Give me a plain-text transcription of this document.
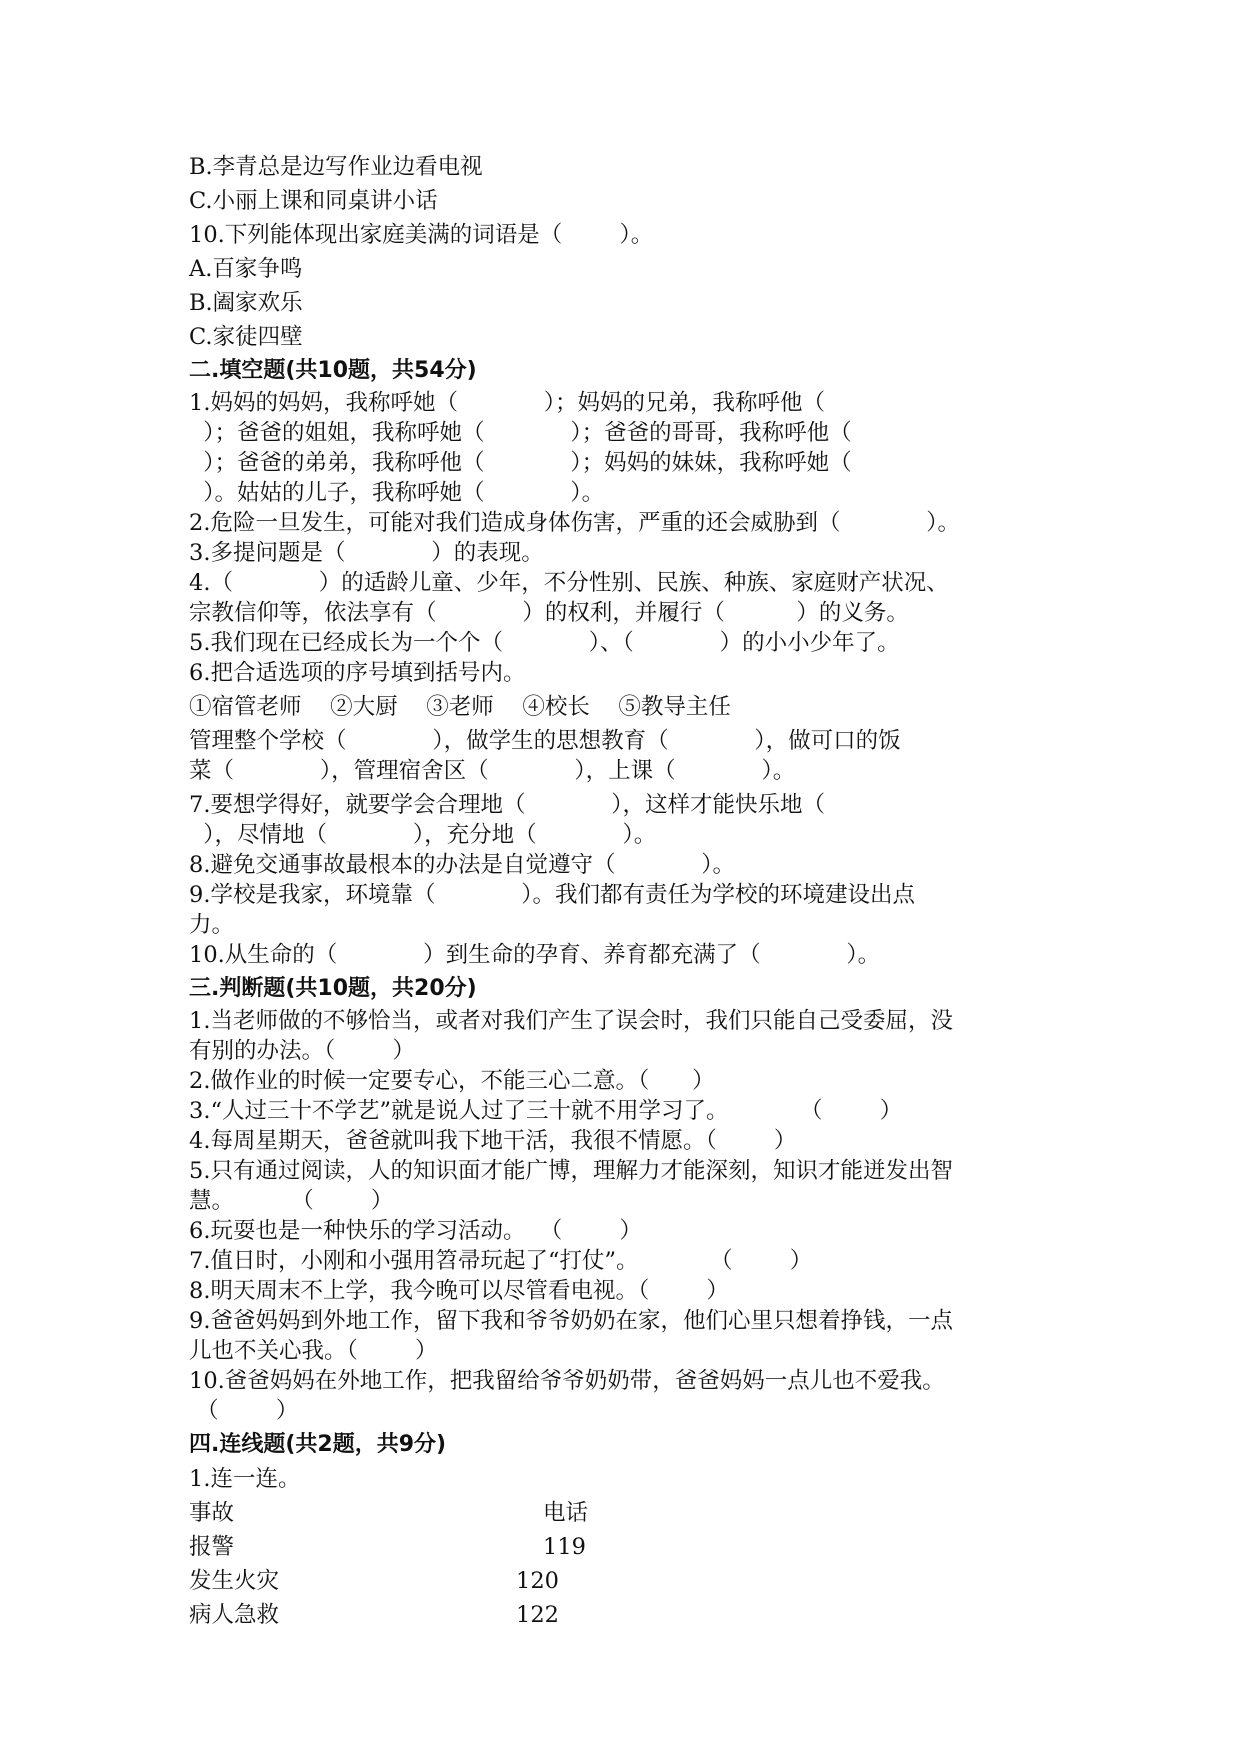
B.李青总是边写作业边看电视

C.小丽上课和同桌讲小话

10.下列能体现出家庭美满的词语是（        ）。

A.百家争鸣

B.阖家欢乐

C.家徒四壁

二.填空题(共10题，共54分)

1.妈妈的妈妈，我称呼她（            ）；妈妈的兄弟，我称呼他（

）；爸爸的姐姐，我称呼她（            ）；爸爸的哥哥，我称呼他（

）；爸爸的弟弟，我称呼他（            ）；妈妈的妹妹，我称呼她（

）。姑姑的儿子，我称呼她（            ）。

2.危险一旦发生，可能对我们造成身体伤害，严重的还会威胁到（            ）。

3.多提问题是（            ）的表现。

4.（            ）的适龄儿童、少年，不分性别、民族、种族、家庭财产状况、

宗教信仰等，依法享有（            ）的权利，并履行（          ）的义务。

5.我们现在已经成长为一个个（            ）、（            ）的小小少年了。

6.把合适选项的序号填到括号内。

①宿管老师    ②大厨    ③老师    ④校长    ⑤教导主任

管理整个学校（            ），做学生的思想教育（            ），做可口的饭

菜（            ），管理宿舍区（            ），上课（            ）。

7.要想学得好，就要学会合理地（            ），这样才能快乐地（

），尽情地（            ），充分地（            ）。

8.避免交通事故最根本的办法是自觉遵守（            ）。

9.学校是我家，环境靠（            ）。我们都有责任为学校的环境建设出点

力。

10.从生命的（            ）到生命的孕育、养育都充满了（            ）。

三.判断题(共10题，共20分)

1.当老师做的不够恰当，或者对我们产生了误会时，我们只能自己受委屈，没

有别的办法。（        ）

2.做作业的时候一定要专心，不能三心二意。（      ）

3.“人过三十不学艺”就是说人过了三十就不用学习了。          （        ）

4.每周星期天，爸爸就叫我下地干活，我很不情愿。（        ）

5.只有通过阅读，人的知识面才能广博，理解力才能深刻，知识才能迸发出智

慧。        （        ）

6.玩耍也是一种快乐的学习活动。  （        ）

7.值日时，小刚和小强用笤帚玩起了“打仗”。          （        ）

8.明天周末不上学，我今晚可以尽管看电视。（        ）

9.爸爸妈妈到外地工作，留下我和爷爷奶奶在家，他们心里只想着挣钱，一点

儿也不关心我。（        ）

10.爸爸妈妈在外地工作，把我留给爷爷奶奶带，爸爸妈妈一点儿也不爱我。

（        ）

四.连线题(共2题，共9分)

1.连一连。

事故	电话

报警	119

发生火灾	120

病人急救	122
